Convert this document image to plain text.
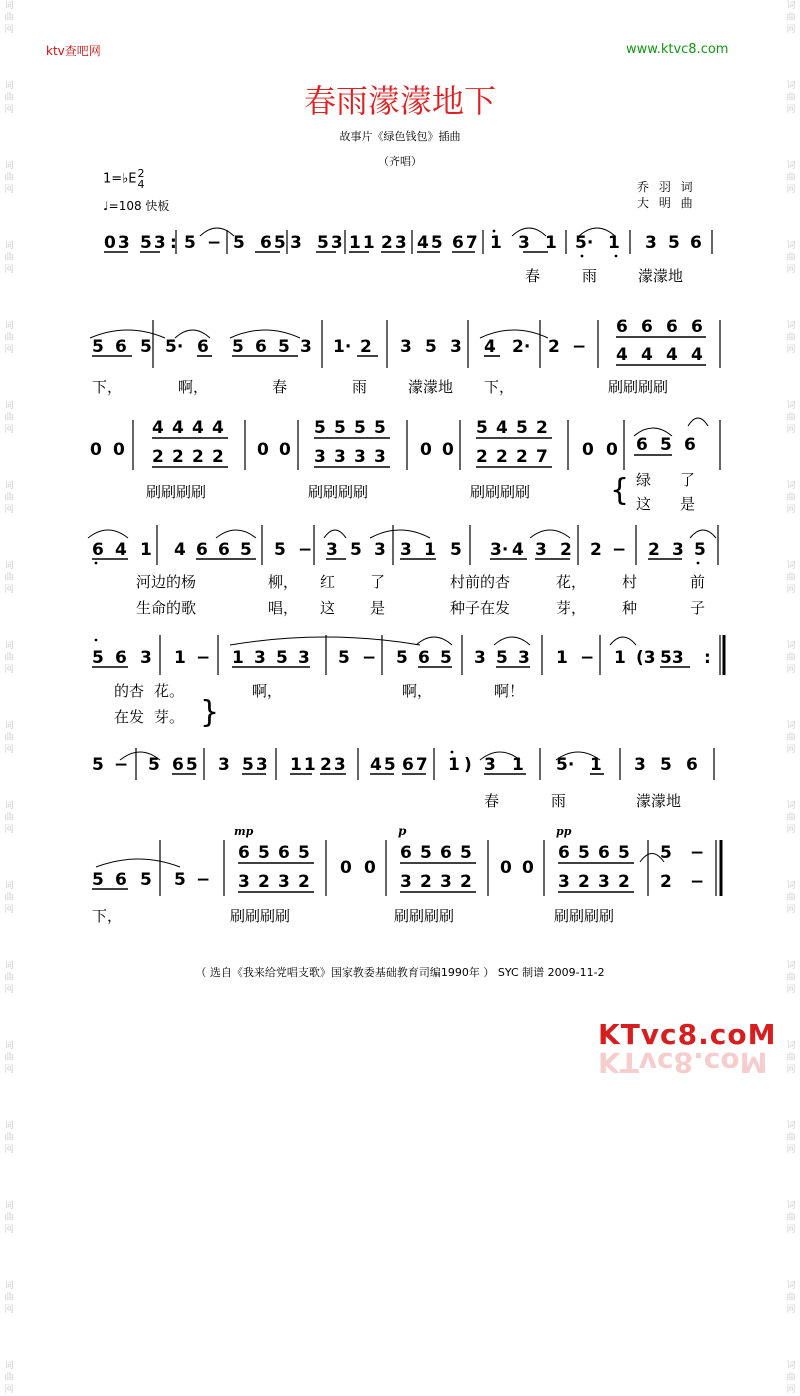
词
曲
网
词
曲
网
词
曲
网
词
曲
网
词
曲
网
词
曲
网
词
曲
网
词
曲
网
词
曲
网
词
曲
网
词
曲
网
词
曲
网
词
曲
网
词
曲
网
词
曲
网
词
曲
网
词
曲
网
词
曲
网
词
曲
网
词
曲
网
词
曲
网
词
曲
网
词
曲
网
词
曲
网
词
曲
网
词
曲
网
词
曲
网
词
曲
网
词
曲
网
词
曲
网
词
曲
网
词
曲
网
词
曲
网
词
曲
网
词
曲
网
词
曲
网
ktv查吧网	www.ktvc8.com
春雨濛濛地下
故事片《绿色钱包》插曲
（齐唱）
1=♭E2
4
♩=108 快板
乔 羽 词
大 明 曲
03 53 5 − 5 65 3 53 11 23 45 67 1 3 1 5· 1 3 5 6
:
春	雨	濛濛地
5 6 5 5· 6 5 6 5 3 1· 2 3 5 3 4 2· 2 −
6
4
6
4
6
4
6
4
下，	啊，	春	雨	濛濛地 下，	刷刷刷刷
0 0
4 4 4 4
2 2 2 2
5 5 5 5
3 3 3 3
5 4 5 2
2 2 2 7
0 0	0 0	0 0 6 5 6
刷刷刷刷	刷刷刷刷	刷刷刷刷	{ 绿 了
这 是
6 4 1 4 6 6 5 5 − 3 5 3 3 1 5 3· 4 3 2 2 − 2 3 5
河边的杨	柳， 红 了	村前的杏	花， 村	前
生命的歌	唱， 这 是	种子在发	芽， 种	子
5 6 3 1 − 1 3 5 3 5 − 5 6 5 3 5 3 1 − 1 (3 53 :
的杏 花。	啊，	啊，	啊！
在发 芽。 }
5 − 5 65 3 53 11 23 45 67 1 3 1 5· 1 3 5 6
)
春	雨	濛濛地
mp	p	pp
5 6 5 5 −
6 5 6 5
3 2 3 2
6 5 6 5
3 2 3 2
6 5 6 5
3 2 3 2
0 0	0 0
5 −
2 −
下，	刷刷刷刷	刷刷刷刷	刷刷刷刷
（ 选自《我来给党唱支歌》国家教委基础教育司编1990年 ） SYC 制谱 2009-11-2
KTvc8.coM
KTvc8.coM
